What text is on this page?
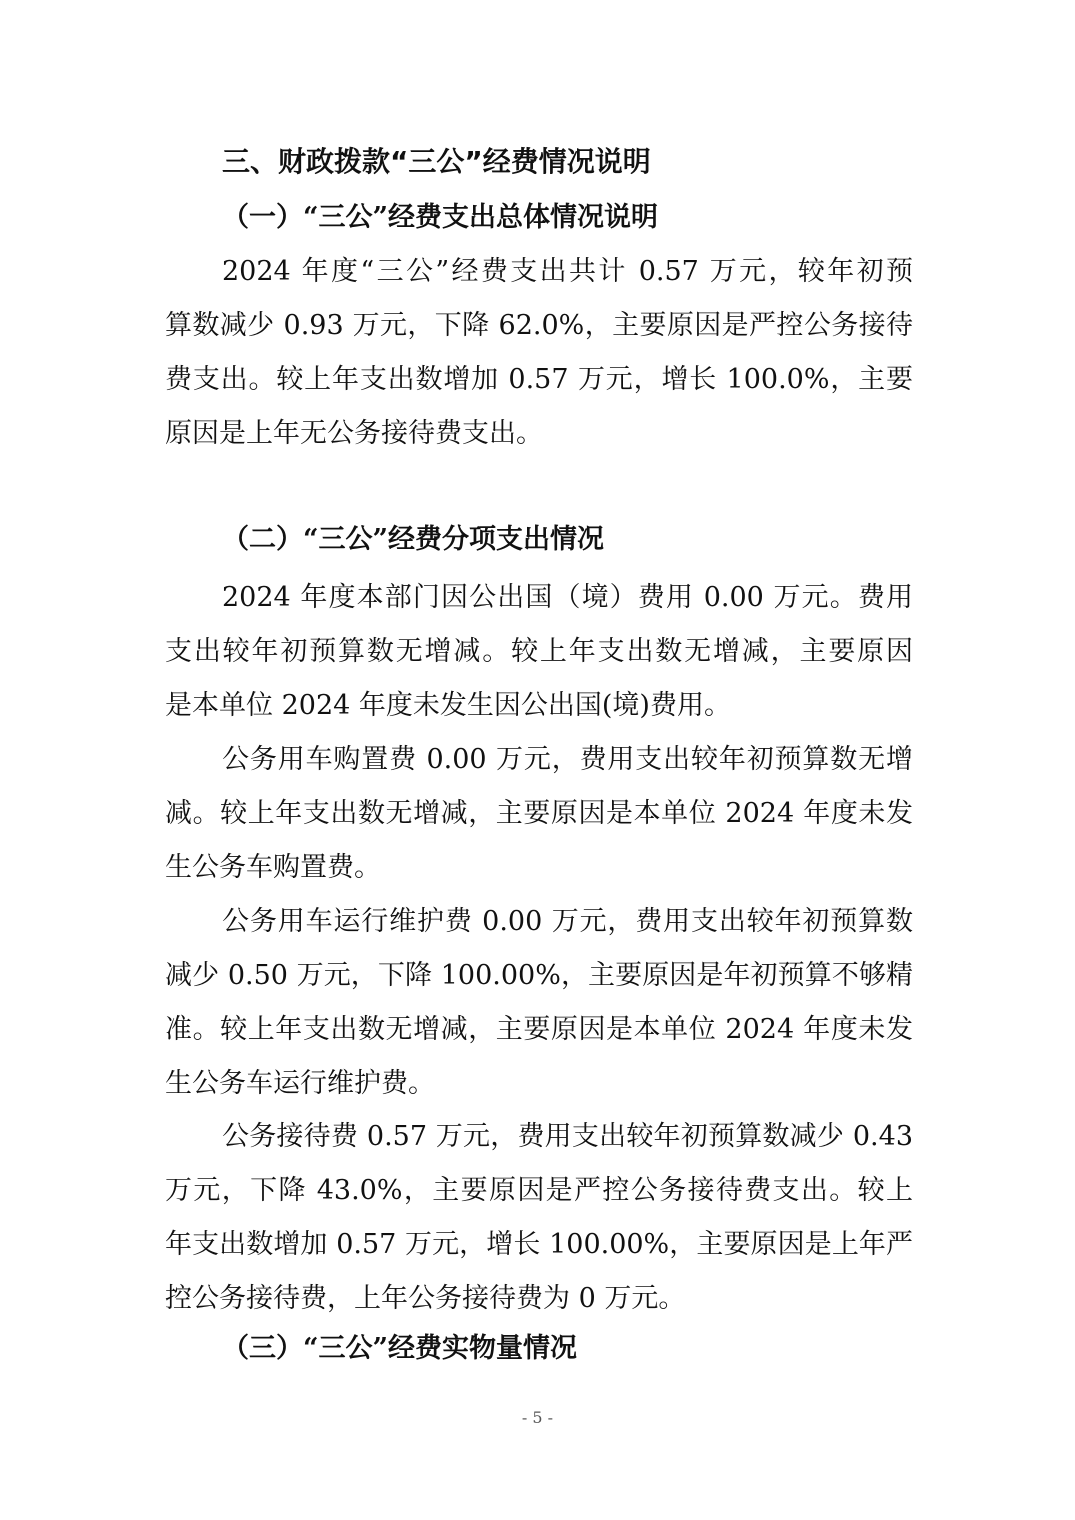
三、财政拨款“三公”经费情况说明
（一）“三公”经费支出总体情况说明
2024 年度“三公”经费支出共计 0.57 万元，较年初预
算数减少 0.93 万元，下降 62.0%，主要原因是严控公务接待
费支出。较上年支出数增加 0.57 万元，增长 100.0%，主要
原因是上年无公务接待费支出。
（二）“三公”经费分项支出情况
2024 年度本部门因公出国（境）费用 0.00 万元。费用
支出较年初预算数无增减。较上年支出数无增减，主要原因
是本单位 2024 年度未发生因公出国(境)费用。
公务用车购置费 0.00 万元，费用支出较年初预算数无增
减。较上年支出数无增减，主要原因是本单位 2024 年度未发
生公务车购置费。
公务用车运行维护费 0.00 万元，费用支出较年初预算数
减少 0.50 万元，下降 100.00%，主要原因是年初预算不够精
准。较上年支出数无增减，主要原因是本单位 2024 年度未发
生公务车运行维护费。
公务接待费 0.57 万元，费用支出较年初预算数减少 0.43
万元，下降 43.0%，主要原因是严控公务接待费支出。较上
年支出数增加 0.57 万元，增长 100.00%，主要原因是上年严
控公务接待费，上年公务接待费为 0 万元。
（三）“三公”经费实物量情况
- 5 -
